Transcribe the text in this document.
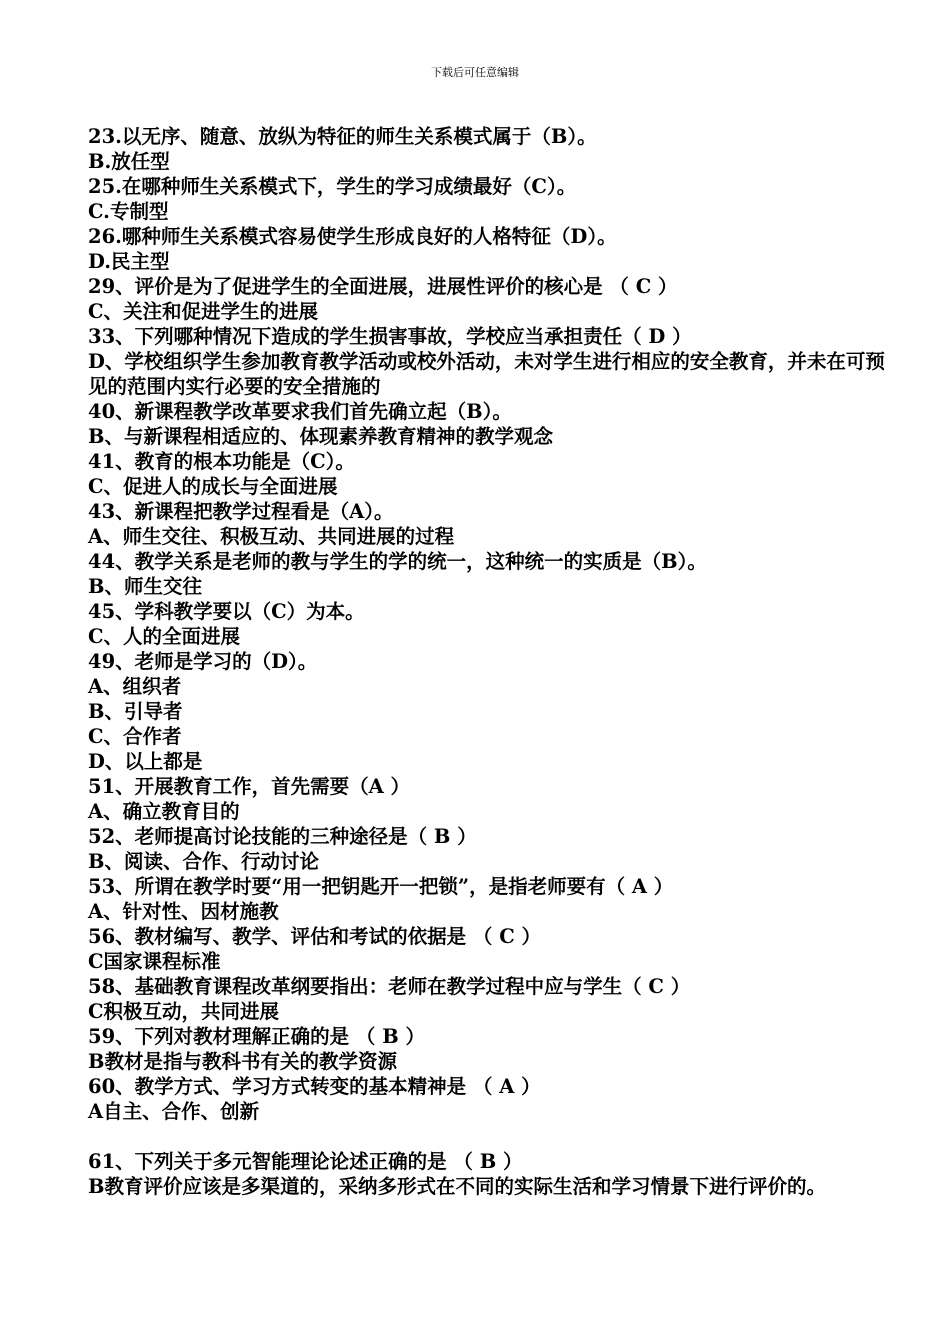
下载后可任意编辑
23.以无序、随意、放纵为特征的师生关系模式属于（B）。
B.放任型
25.在哪种师生关系模式下，学生的学习成绩最好（C）。
C.专制型
26.哪种师生关系模式容易使学生形成良好的人格特征（D）。
D.民主型
29、评价是为了促进学生的全面进展，进展性评价的核心是 （ C ）
C、关注和促进学生的进展
33、下列哪种情况下造成的学生损害事故，学校应当承担责任（ D ）
D、学校组织学生参加教育教学活动或校外活动，未对学生进行相应的安全教育，并未在可预见的范围内实行必要的安全措施的
40、新课程教学改革要求我们首先确立起（B）。
B、与新课程相适应的、体现素养教育精神的教学观念
41、教育的根本功能是（C）。
C、促进人的成长与全面进展
43、新课程把教学过程看是（A）。
A、师生交往、积极互动、共同进展的过程
44、教学关系是老师的教与学生的学的统一，这种统一的实质是（B）。
B、师生交往
45、学科教学要以（C）为本。
C、人的全面进展
49、老师是学习的（D）。
A、组织者
B、引导者
C、合作者
D、以上都是
51、开展教育工作，首先需要（A ）
A、确立教育目的
52、老师提高讨论技能的三种途径是（ B ）
B、阅读、合作、行动讨论
53、所谓在教学时要“用一把钥匙开一把锁”，是指老师要有（ A ）
A、针对性、因材施教
56、教材编写、教学、评估和考试的依据是 （ C ）
C国家课程标准
58、基础教育课程改革纲要指出：老师在教学过程中应与学生（ C ）
C积极互动，共同进展
59、下列对教材理解正确的是 （ B ）
B教材是指与教科书有关的教学资源
60、教学方式、学习方式转变的基本精神是 （ A ）
A自主、合作、创新
61、下列关于多元智能理论论述正确的是 （ B ）
B教育评价应该是多渠道的，采纳多形式在不同的实际生活和学习情景下进行评价的。
